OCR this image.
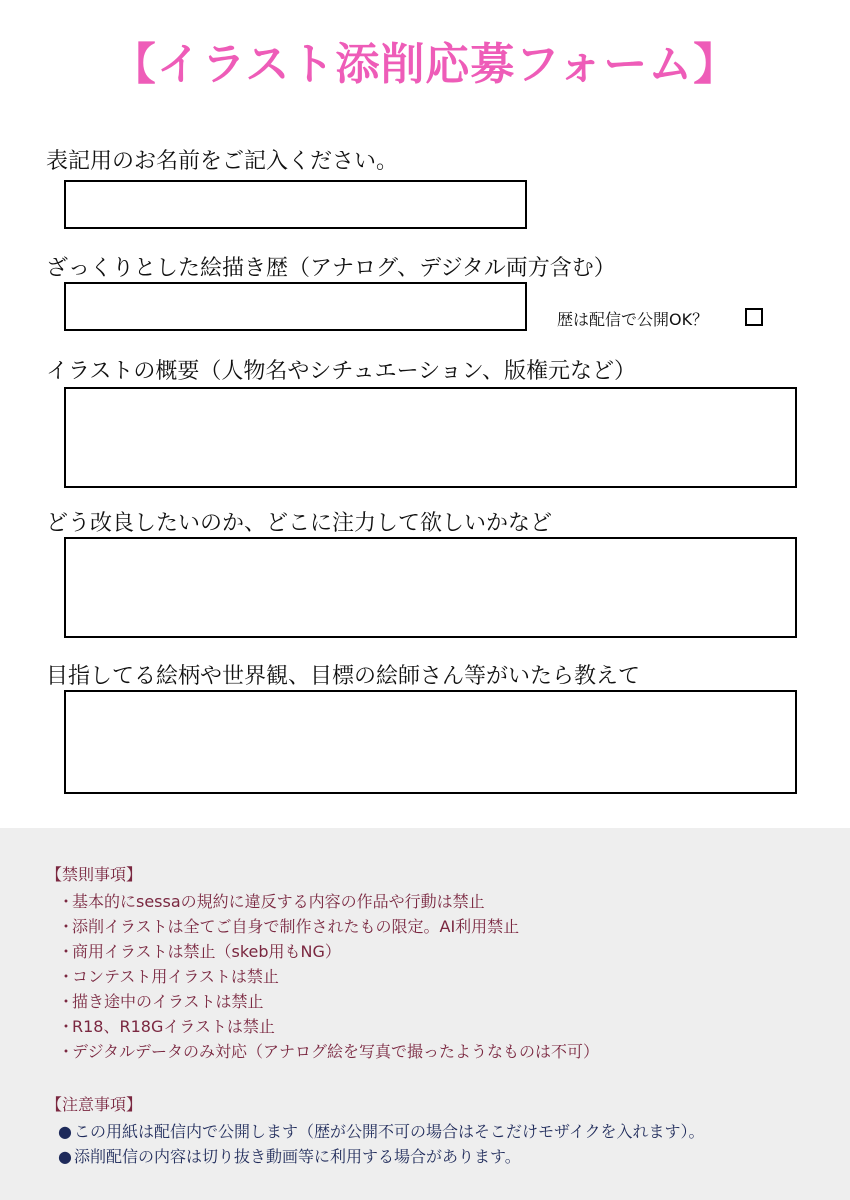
【イラスト添削応募フォーム】
表記用のお名前をご記入ください。
ざっくりとした絵描き歴（アナログ、デジタル両方含む）
歴は配信で公開OK？
イラストの概要（人物名やシチュエーション、版権元など）
どう改良したいのか、どこに注力して欲しいかなど
目指してる絵柄や世界観、目標の絵師さん等がいたら教えて
【禁則事項】
・基本的にsessaの規約に違反する内容の作品や行動は禁止
・添削イラストは全てご自身で制作されたもの限定。AI利用禁止
・商用イラストは禁止（skeb用もNG）
・コンテスト用イラストは禁止
・描き途中のイラストは禁止
・R18、R18Gイラストは禁止
・デジタルデータのみ対応（アナログ絵を写真で撮ったようなものは不可）
【注意事項】
● この用紙は配信内で公開します（歴が公開不可の場合はそこだけモザイクを入れます）。
● 添削配信の内容は切り抜き動画等に利用する場合があります。
